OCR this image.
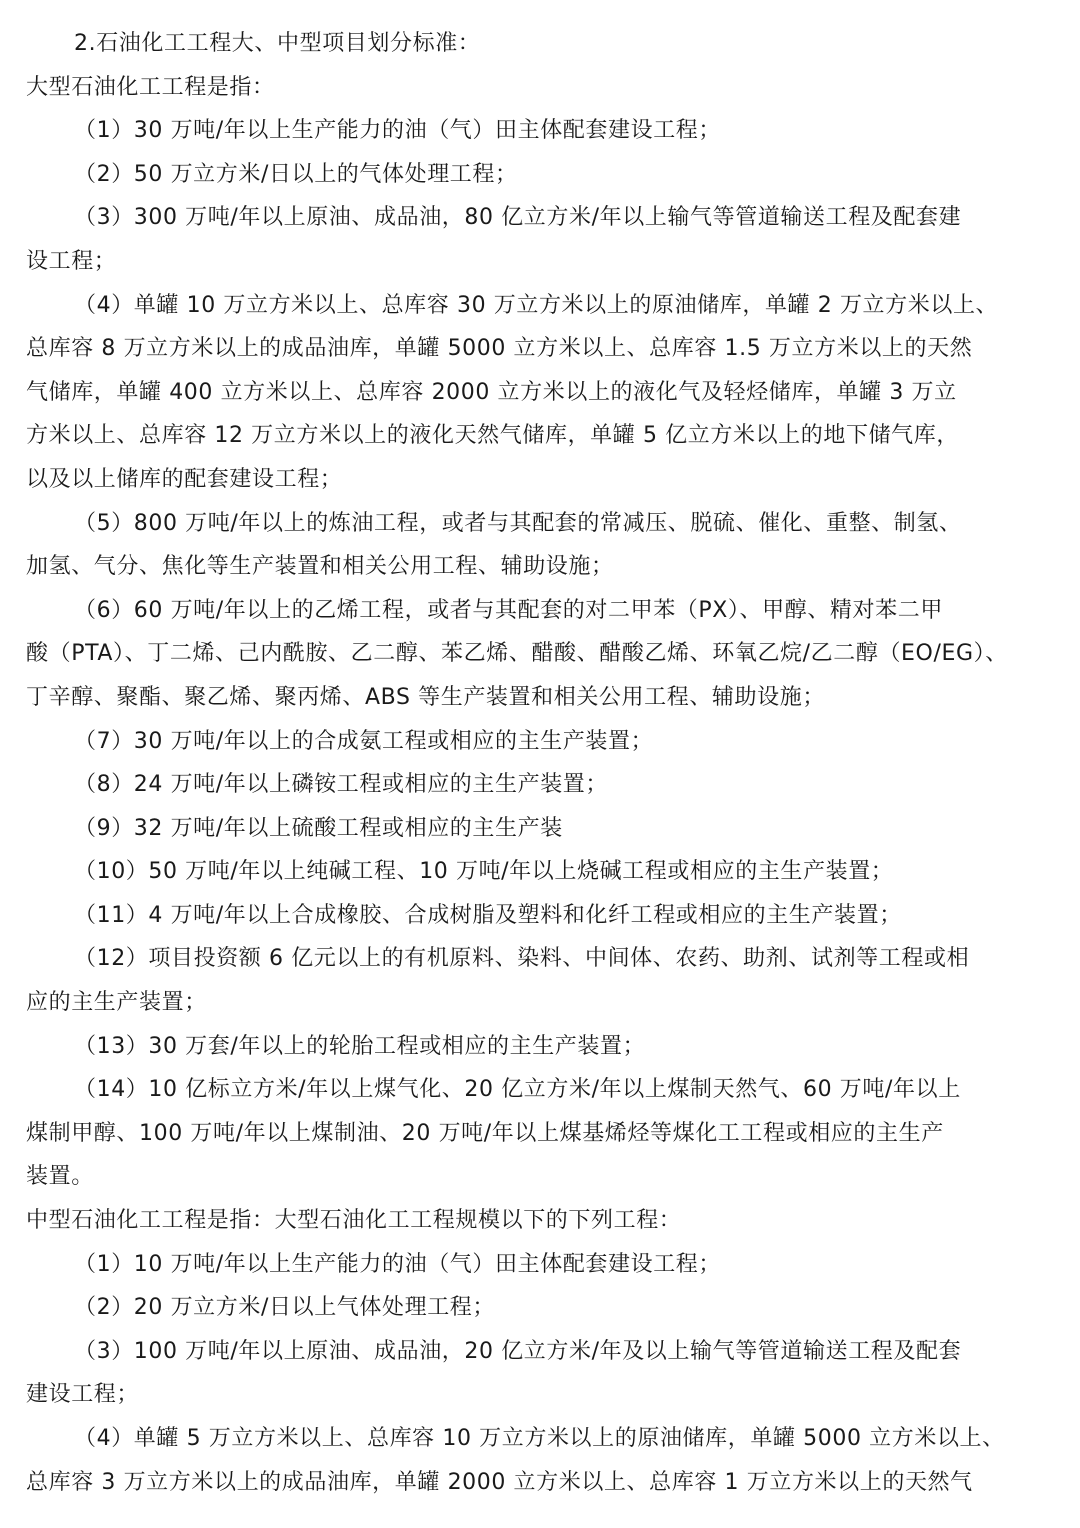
2.石油化工工程大、中型项目划分标准：
大型石油化工工程是指：
（1）30 万吨/年以上生产能力的油（气）田主体配套建设工程；
（2）50 万立方米/日以上的气体处理工程；
（3）300 万吨/年以上原油、成品油，80 亿立方米/年以上输气等管道输送工程及配套建
设工程；
（4）单罐 10 万立方米以上、总库容 30 万立方米以上的原油储库，单罐 2 万立方米以上、
总库容 8 万立方米以上的成品油库，单罐 5000 立方米以上、总库容 1.5 万立方米以上的天然
气储库，单罐 400 立方米以上、总库容 2000 立方米以上的液化气及轻烃储库，单罐 3 万立
方米以上、总库容 12 万立方米以上的液化天然气储库，单罐 5 亿立方米以上的地下储气库，
以及以上储库的配套建设工程；
（5）800 万吨/年以上的炼油工程，或者与其配套的常减压、脱硫、催化、重整、制氢、
加氢、气分、焦化等生产装置和相关公用工程、辅助设施；
（6）60 万吨/年以上的乙烯工程，或者与其配套的对二甲苯（PX）、甲醇、精对苯二甲
酸（PTA）、丁二烯、己内酰胺、乙二醇、苯乙烯、醋酸、醋酸乙烯、环氧乙烷/乙二醇（EO/EG）、
丁辛醇、聚酯、聚乙烯、聚丙烯、ABS 等生产装置和相关公用工程、辅助设施；
（7）30 万吨/年以上的合成氨工程或相应的主生产装置；
（8）24 万吨/年以上磷铵工程或相应的主生产装置；
（9）32 万吨/年以上硫酸工程或相应的主生产装
（10）50 万吨/年以上纯碱工程、10 万吨/年以上烧碱工程或相应的主生产装置；
（11）4 万吨/年以上合成橡胶、合成树脂及塑料和化纤工程或相应的主生产装置；
（12）项目投资额 6 亿元以上的有机原料、染料、中间体、农药、助剂、试剂等工程或相
应的主生产装置；
（13）30 万套/年以上的轮胎工程或相应的主生产装置；
（14）10 亿标立方米/年以上煤气化、20 亿立方米/年以上煤制天然气、60 万吨/年以上
煤制甲醇、100 万吨/年以上煤制油、20 万吨/年以上煤基烯烃等煤化工工程或相应的主生产
装置。
中型石油化工工程是指：大型石油化工工程规模以下的下列工程：
（1）10 万吨/年以上生产能力的油（气）田主体配套建设工程；
（2）20 万立方米/日以上气体处理工程；
（3）100 万吨/年以上原油、成品油，20 亿立方米/年及以上输气等管道输送工程及配套
建设工程；
（4）单罐 5 万立方米以上、总库容 10 万立方米以上的原油储库，单罐 5000 立方米以上、
总库容 3 万立方米以上的成品油库，单罐 2000 立方米以上、总库容 1 万立方米以上的天然气
